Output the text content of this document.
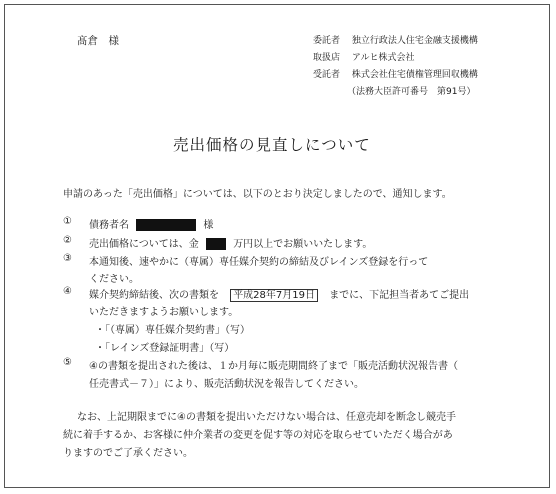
髙倉　様	委託者 独立行政法人住宅金融支援機構
取扱店 アルヒ株式会社
受託者 株式会社住宅債権管理回収機構
（法務大臣許可番号　第91号）
売出価格の見直しについて
申請のあった「売出価格」については、以下のとおり決定しましたので、通知します。
① 債務者名	様
② 売出価格については、金	万円以上でお願いいたします。
③ 本通知後、速やかに（専属）専任媒介契約の締結及びレインズ登録を行って
ください。
④ 媒介契約締結後、次の書類を 平成28年7月19日 までに、下記担当者あてご提出
いただきますようお願いします。
・「（専属）専任媒介契約書」（写）
・「レインズ登録証明書」（写）
⑤ ④の書類を提出された後は、１か月毎に販売期間終了まで「販売活動状況報告書（
任売書式－７）」により、販売活動状況を報告してください。
なお、上記期限までに④の書類を提出いただけない場合は、任意売却を断念し競売手
続に着手するか、お客様に仲介業者の変更を促す等の対応を取らせていただく場合があ
りますのでご了承ください。
